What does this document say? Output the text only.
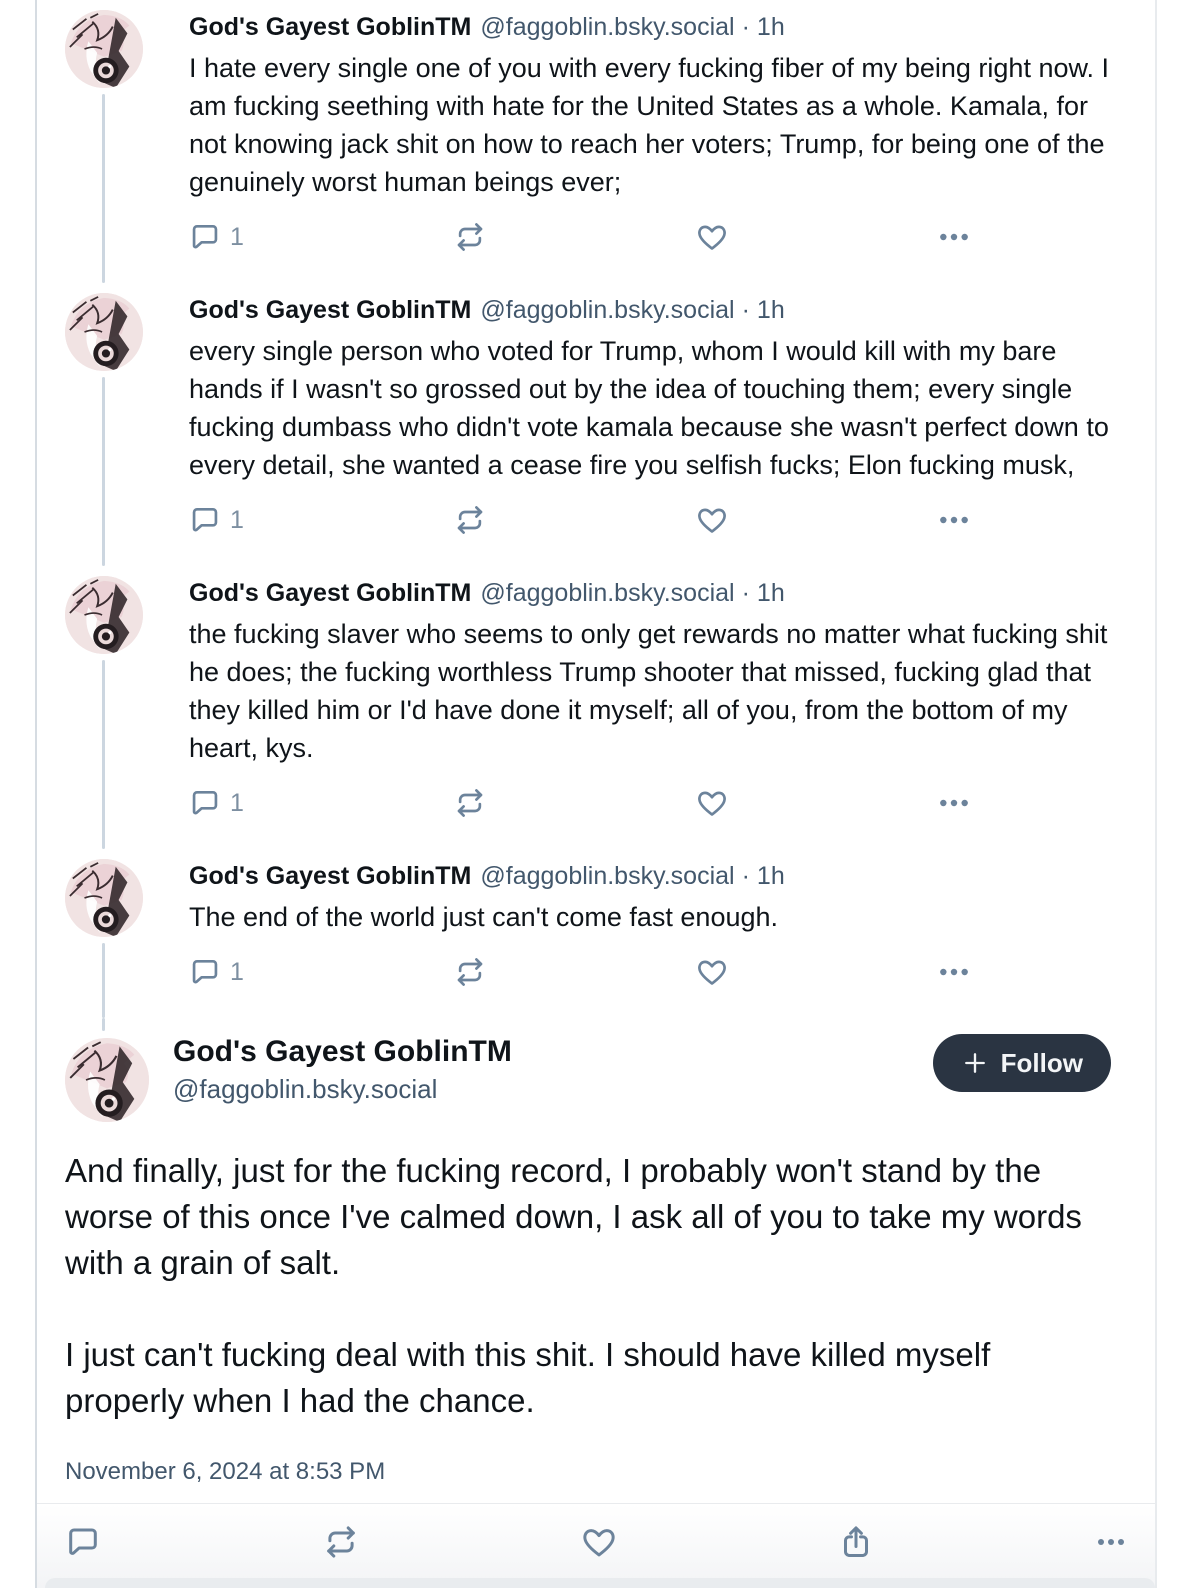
God's Gayest GoblinTM @faggoblin.bsky.social · 1h
I hate every single one of you with every fucking fiber of my being right now. I am fucking seething with hate for the United States as a whole. Kamala, for not knowing jack shit on how to reach her voters; Trump, for being one of the genuinely worst human beings ever;
1
God's Gayest GoblinTM @faggoblin.bsky.social · 1h
every single person who voted for Trump, whom I would kill with my bare hands if I wasn't so grossed out by the idea of touching them; every single fucking dumbass who didn't vote kamala because she wasn't perfect down to every detail, she wanted a cease fire you selfish fucks; Elon fucking musk,
1
God's Gayest GoblinTM @faggoblin.bsky.social · 1h
the fucking slaver who seems to only get rewards no matter what fucking shit he does; the fucking worthless Trump shooter that missed, fucking glad that they killed him or I'd have done it myself; all of you, from the bottom of my heart, kys.
1
God's Gayest GoblinTM @faggoblin.bsky.social · 1h
The end of the world just can't come fast enough.
1
God's Gayest GoblinTM
@faggoblin.bsky.social
Follow

And finally, just for the fucking record, I probably won't stand by the worse of this once I've calmed down, I ask all of you to take my words with a grain of salt.

I just can't fucking deal with this shit. I should have killed myself properly when I had the chance.

November 6, 2024 at 8:53 PM
